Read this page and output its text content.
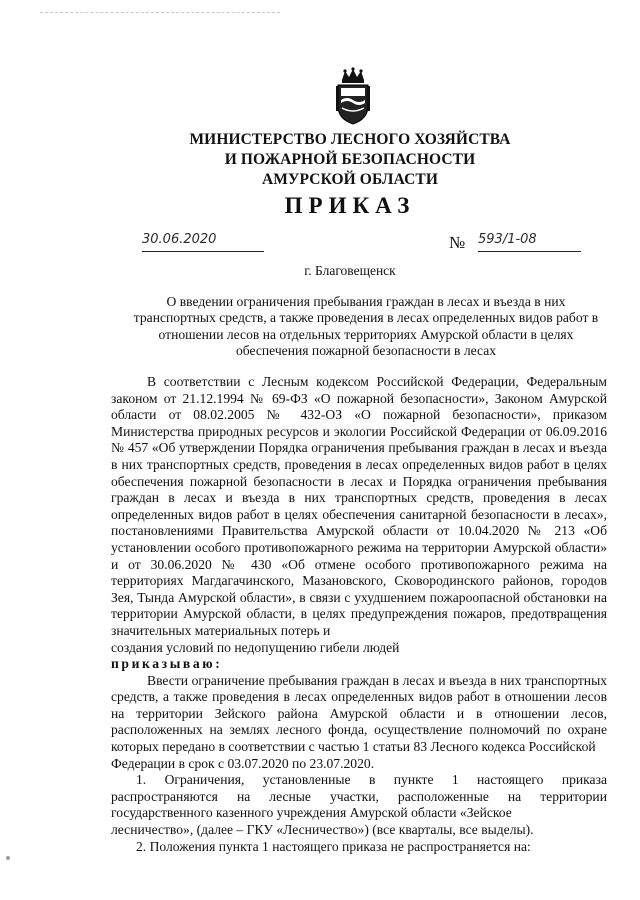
МИНИСТЕРСТВО ЛЕСНОГО ХОЗЯЙСТВА
И ПОЖАРНОЙ БЕЗОПАСНОСТИ
АМУРСКОЙ ОБЛАСТИ
ПРИКАЗ
30.06.2020	№ 593/1-08
г. Благовещенск
О введении ограничения пребывания граждан в лесах и въезда в них
транспортных средств, а также проведения в лесах определенных видов работ в
отношении лесов на отдельных территориях Амурской области в целях
обеспечения пожарной безопасности в лесах

В соответствии с Лесным кодексом Российской Федерации, Федеральным законом от 21.12.1994 № 69-ФЗ «О пожарной безопасности», Законом Амурской области от 08.02.2005 № 432-ОЗ «О пожарной безопасности», приказом Министерства природных ресурсов и экологии Российской Федерации от 06.09.2016 № 457 «Об утверждении Порядка ограничения пребывания граждан в лесах и въезда в них транспортных средств, проведения в лесах определенных видов работ в целях обеспечения пожарной безопасности в лесах и Порядка ограничения пребывания граждан в лесах и въезда в них транспортных средств, проведения в лесах определенных видов работ в целях обеспечения санитарной безопасности в лесах», постановлениями Правительства Амурской области от 10.04.2020 № 213 «Об установлении особого противопожарного режима на территории Амурской области» и от 30.06.2020 № 430 «Об отмене особого противопожарного режима на территориях Магдагачинского, Мазановского, Сковородинского районов, городов Зея, Тында Амурской области», в связи с ухудшением пожароопасной обстановки на территории Амурской области, в целях предупреждения пожаров, предотвращения значительных материальных потерь и

создания условий по недопущению гибели людей

приказываю:

Ввести ограничение пребывания граждан в лесах и въезда в них транспортных средств, а также проведения в лесах определенных видов работ в отношении лесов на территории Зейского района Амурской области и в отношении лесов, расположенных на землях лесного фонда, осуществление полномочий по охране которых передано в соответствии с частью 1 статьи 83 Лесного кодекса Российской

Федерации в срок с 03.07.2020 по 23.07.2020.

1. Ограничения, установленные в пункте 1 настоящего приказа распространяются на лесные участки, расположенные на территории государственного казенного учреждения Амурской области «Зейское

лесничество», (далее – ГКУ «Лесничество») (все кварталы, все выделы).

2. Положения пункта 1 настоящего приказа не распространяется на:
